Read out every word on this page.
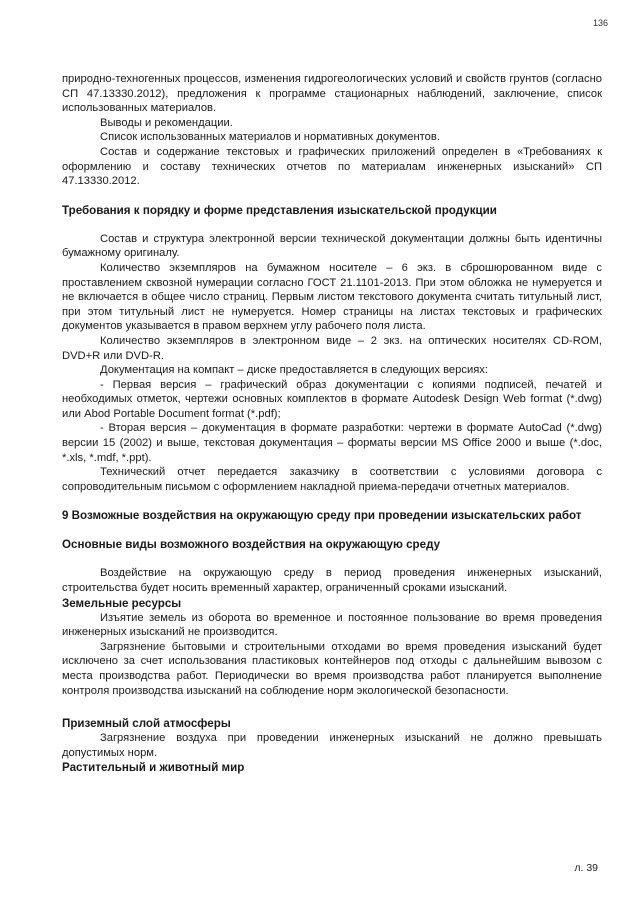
136

природно-техногенных процессов, изменения гидрогеологических условий и свойств грунтов (согласно СП 47.13330.2012), предложения к программе стационарных наблюдений, заключение, список использованных материалов.

Выводы и рекомендации.

Список использованных материалов и нормативных документов.

Состав и содержание текстовых и графических приложений определен в «Требованиях к оформлению и составу технических отчетов по материалам инженерных изысканий» СП 47.13330.2012.

Требования к порядку и форме представления изыскательской продукции

Состав и структура электронной версии технической документации должны быть идентичны бумажному оригиналу.

Количество экземпляров на бумажном носителе – 6 экз. в сброшюрованном виде с проставлением сквозной нумерации согласно ГОСТ 21.1101-2013. При этом обложка не нумеруется и не включается в общее число страниц. Первым листом текстового документа считать титульный лист, при этом титульный лист не нумеруется. Номер страницы на листах текстовых и графических документов указывается в правом верхнем углу рабочего поля листа.

Количество экземпляров в электронном виде – 2 экз. на оптических носителях CD-ROM, DVD+R или DVD-R.

Документация на компакт – диске предоставляется в следующих версиях:

- Первая версия – графический образ документации с копиями подписей, печатей и необходимых отметок, чертежи основных комплектов в формате Autodesk Design Web format (*.dwg) или Abod Portable Document format (*.pdf);

- Вторая версия – документация в формате разработки: чертежи в формате AutoCad (*.dwg) версии 15 (2002) и выше, текстовая документация – форматы версии MS Office 2000 и выше (*.doc, *.xls, *.mdf, *.ppt).

Технический отчет передается заказчику в соответствии с условиями договора с сопроводительным письмом с оформлением накладной приема-передачи отчетных материалов.

9 Возможные воздействия на окружающую среду при проведении изыскательских работ
Основные виды возможного воздействия на окружающую среду

Воздействие на окружающую среду в период проведения инженерных изысканий, строительства будет носить временный характер, ограниченный сроками изысканий.

Земельные ресурсы

Изъятие земель из оборота во временное и постоянное пользование во время проведения инженерных изысканий не производится.

Загрязнение бытовыми и строительными отходами во время проведения изысканий будет исключено за счет использования пластиковых контейнеров под отходы с дальнейшим вывозом с места производства работ. Периодически во время производства работ планируется выполнение контроля производства изысканий на соблюдение норм экологической безопасности.

Приземный слой атмосферы

Загрязнение воздуха при проведении инженерных изысканий не должно превышать допустимых норм.

Растительный и животный мир
л. 39
